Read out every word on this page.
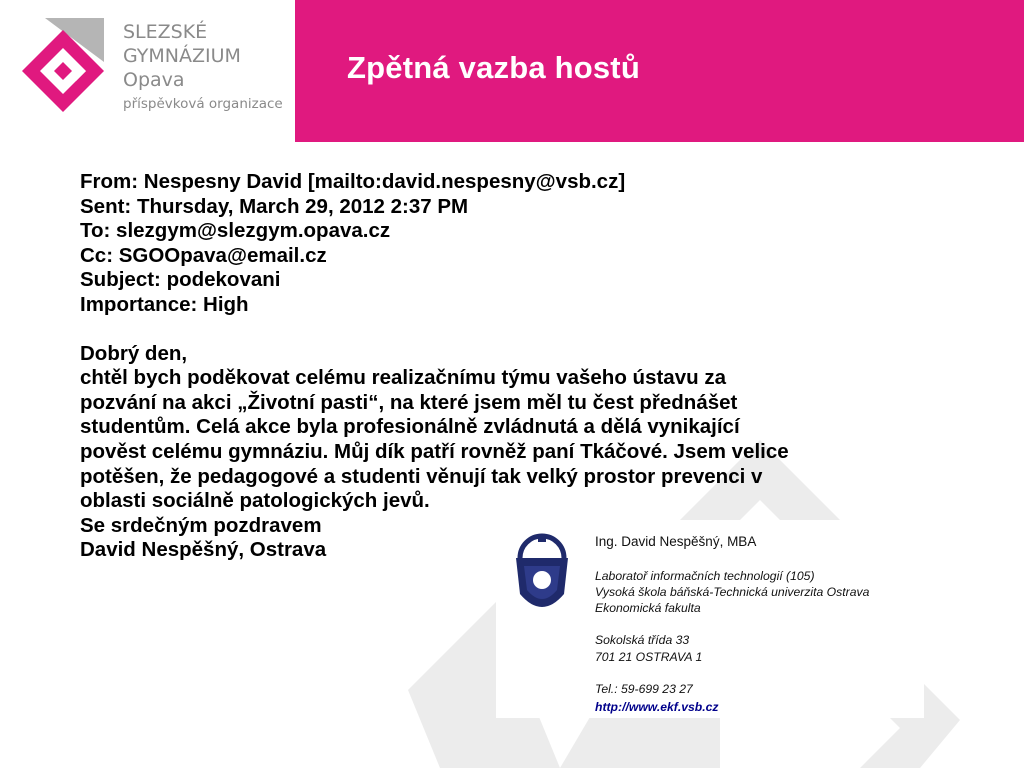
SLEZSKÉ
GYMNÁZIUM
Opava
příspěvková organizace
Zpětná vazba hostů
From: Nespesny David [mailto:david.nespesny@vsb.cz]
Sent: Thursday, March 29, 2012 2:37 PM
To: slezgym@slezgym.opava.cz
Cc: SGOOpava@email.cz
Subject: podekovani
Importance: High
Dobrý den,
chtěl bych poděkovat celému realizačnímu týmu vašeho ústavu za
pozvání na akci „Životní pasti“, na které jsem měl tu čest přednášet
studentům. Celá akce byla profesionálně zvládnutá a dělá vynikající
pověst celému gymnáziu. Můj dík patří rovněž paní Tkáčové. Jsem velice
potěšen, že pedagogové a studenti věnují tak velký prostor prevenci v
oblasti sociálně patologických jevů.
Se srdečným pozdravem
David Nespěšný, Ostrava	Ing. David Nespěšný, MBA
Laboratoř informačních technologií (105)
Vysoká škola báňská-Technická univerzita Ostrava
Ekonomická fakulta
Sokolská třída 33
701 21 OSTRAVA 1
Tel.: 59-699 23 27
http://www.ekf.vsb.cz
